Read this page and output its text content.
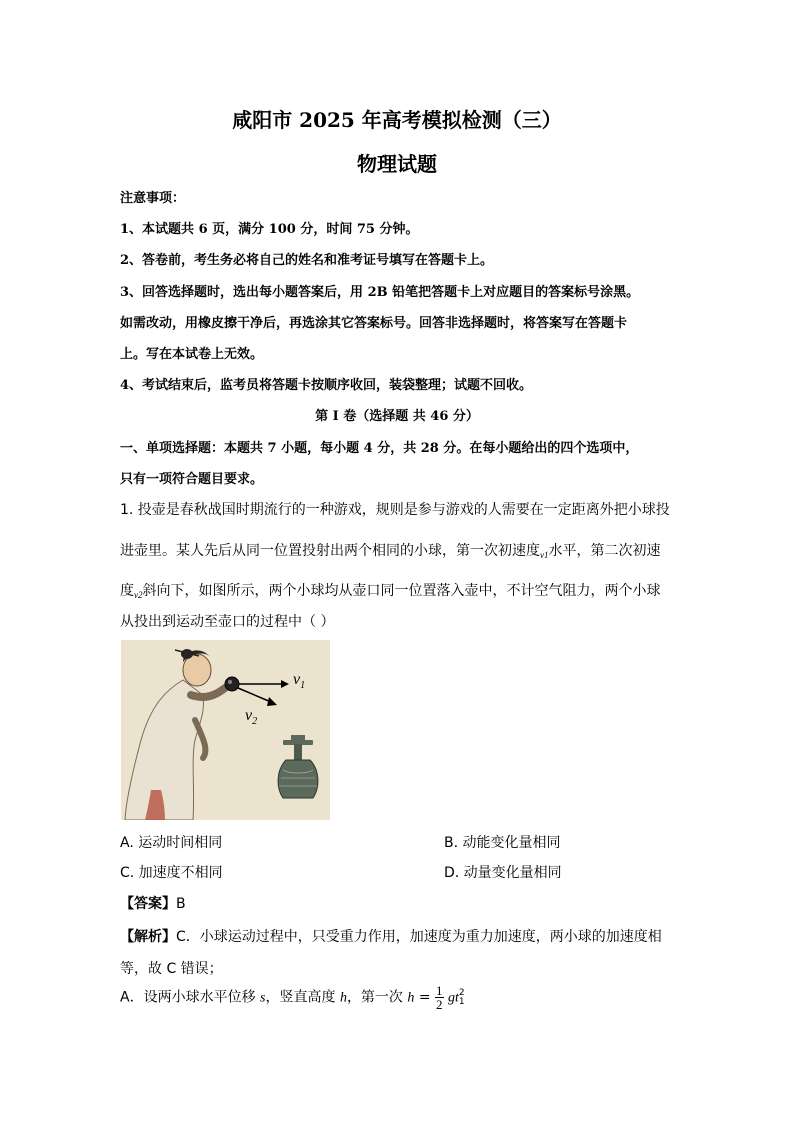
咸阳市 2025 年高考模拟检测（三）
物理试题
注意事项：
1、本试题共 6 页，满分 100 分，时间 75 分钟。
2、答卷前，考生务必将自己的姓名和准考证号填写在答题卡上。
3、回答选择题时，选出每小题答案后，用 2B 铅笔把答题卡上对应题目的答案标号涂黑。
如需改动，用橡皮擦干净后，再选涂其它答案标号。回答非选择题时，将答案写在答题卡
上。写在本试卷上无效。
4、考试结束后，监考员将答题卡按顺序收回，装袋整理；试题不回收。
第 I 卷（选择题 共 46 分）
一、单项选择题：本题共 7 小题，每小题 4 分，共 28 分。在每小题给出的四个选项中，
只有一项符合题目要求。
1. 投壶是春秋战国时期流行的一种游戏，规则是参与游戏的人需要在一定距离外把小球投
进壶里。某人先后从同一位置投射出两个相同的小球，第一次初速度$_{v1}$水平，第二次初速
度$_{v2}$斜向下，如图所示，两个小球均从壶口同一位置落入壶中，不计空气阻力，两个小球
从投出到运动至壶口的过程中（ ）
$v_1$
$v_2$
A. 运动时间相同	B. 动能变化量相同
C. 加速度不相同	D. 动量变化量相同
【答案】B
【解析】C．小球运动过程中，只受重力作用，加速度为重力加速度，两小球的加速度相
等，故 C 错误；
A．设两小球水平位移 s，竖直高度 h，第一次 $h = \frac{1}{2}$ gt 2
1
